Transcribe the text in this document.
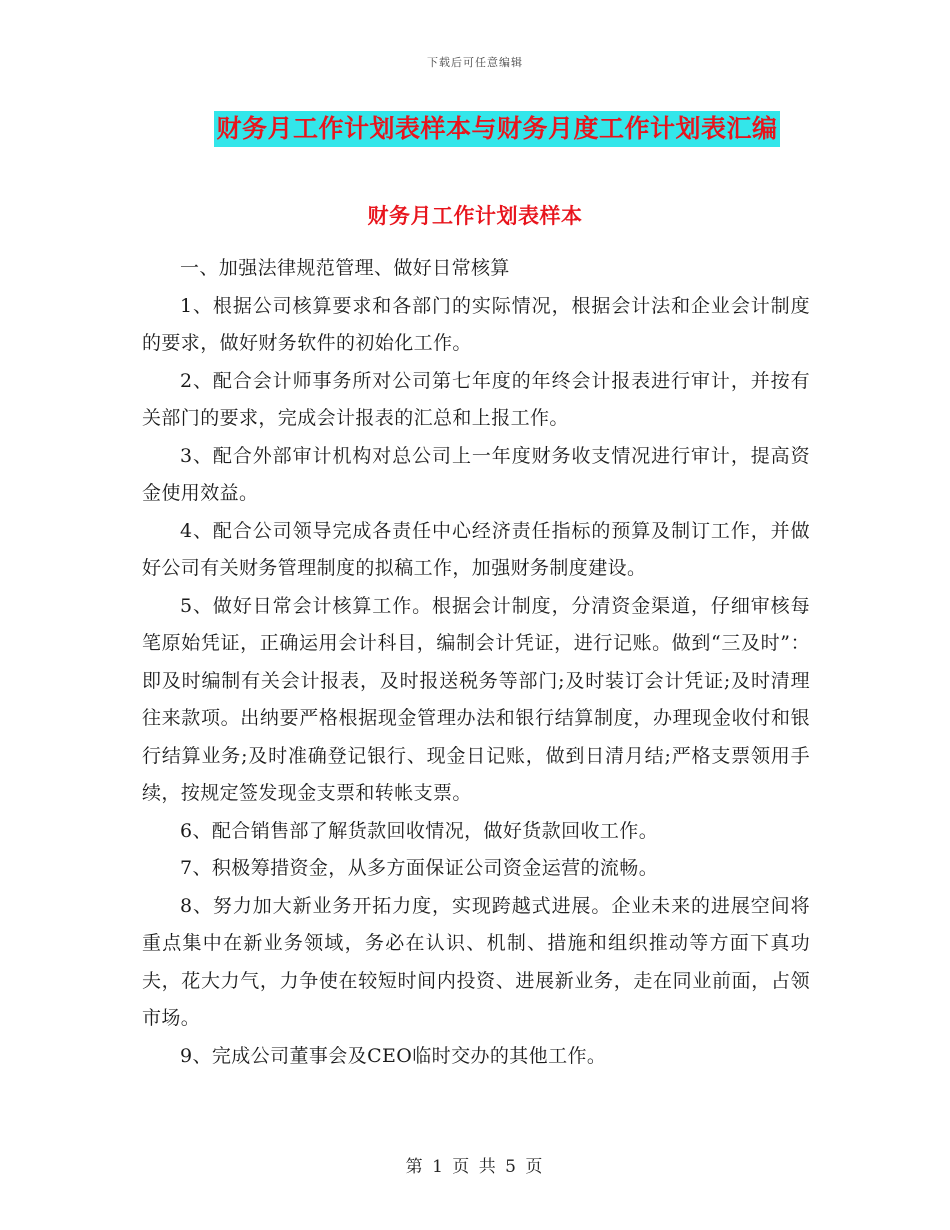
下载后可任意编辑
财务月工作计划表样本与财务月度工作计划表汇编
财务月工作计划表样本

一、加强法律规范管理、做好日常核算

1、根据公司核算要求和各部门的实际情况，根据会计法和企业会计制度的要求，做好财务软件的初始化工作。

2、配合会计师事务所对公司第七年度的年终会计报表进行审计，并按有关部门的要求，完成会计报表的汇总和上报工作。

3、配合外部审计机构对总公司上一年度财务收支情况进行审计，提高资金使用效益。

4、配合公司领导完成各责任中心经济责任指标的预算及制订工作，并做好公司有关财务管理制度的拟稿工作，加强财务制度建设。

5、做好日常会计核算工作。根据会计制度，分清资金渠道，仔细审核每笔原始凭证，正确运用会计科目，编制会计凭证，进行记账。做到“三及时”：即及时编制有关会计报表，及时报送税务等部门;及时装订会计凭证;及时清理往来款项。出纳要严格根据现金管理办法和银行结算制度，办理现金收付和银行结算业务;及时准确登记银行、现金日记账，做到日清月结;严格支票领用手续，按规定签发现金支票和转帐支票。

6、配合销售部了解货款回收情况，做好货款回收工作。

7、积极筹措资金，从多方面保证公司资金运营的流畅。

8、努力加大新业务开拓力度，实现跨越式进展。企业未来的进展空间将重点集中在新业务领域，务必在认识、机制、措施和组织推动等方面下真功夫，花大力气，力争使在较短时间内投资、进展新业务，走在同业前面，占领市场。

9、完成公司董事会及CEO临时交办的其他工作。

第 1 页 共 5 页
